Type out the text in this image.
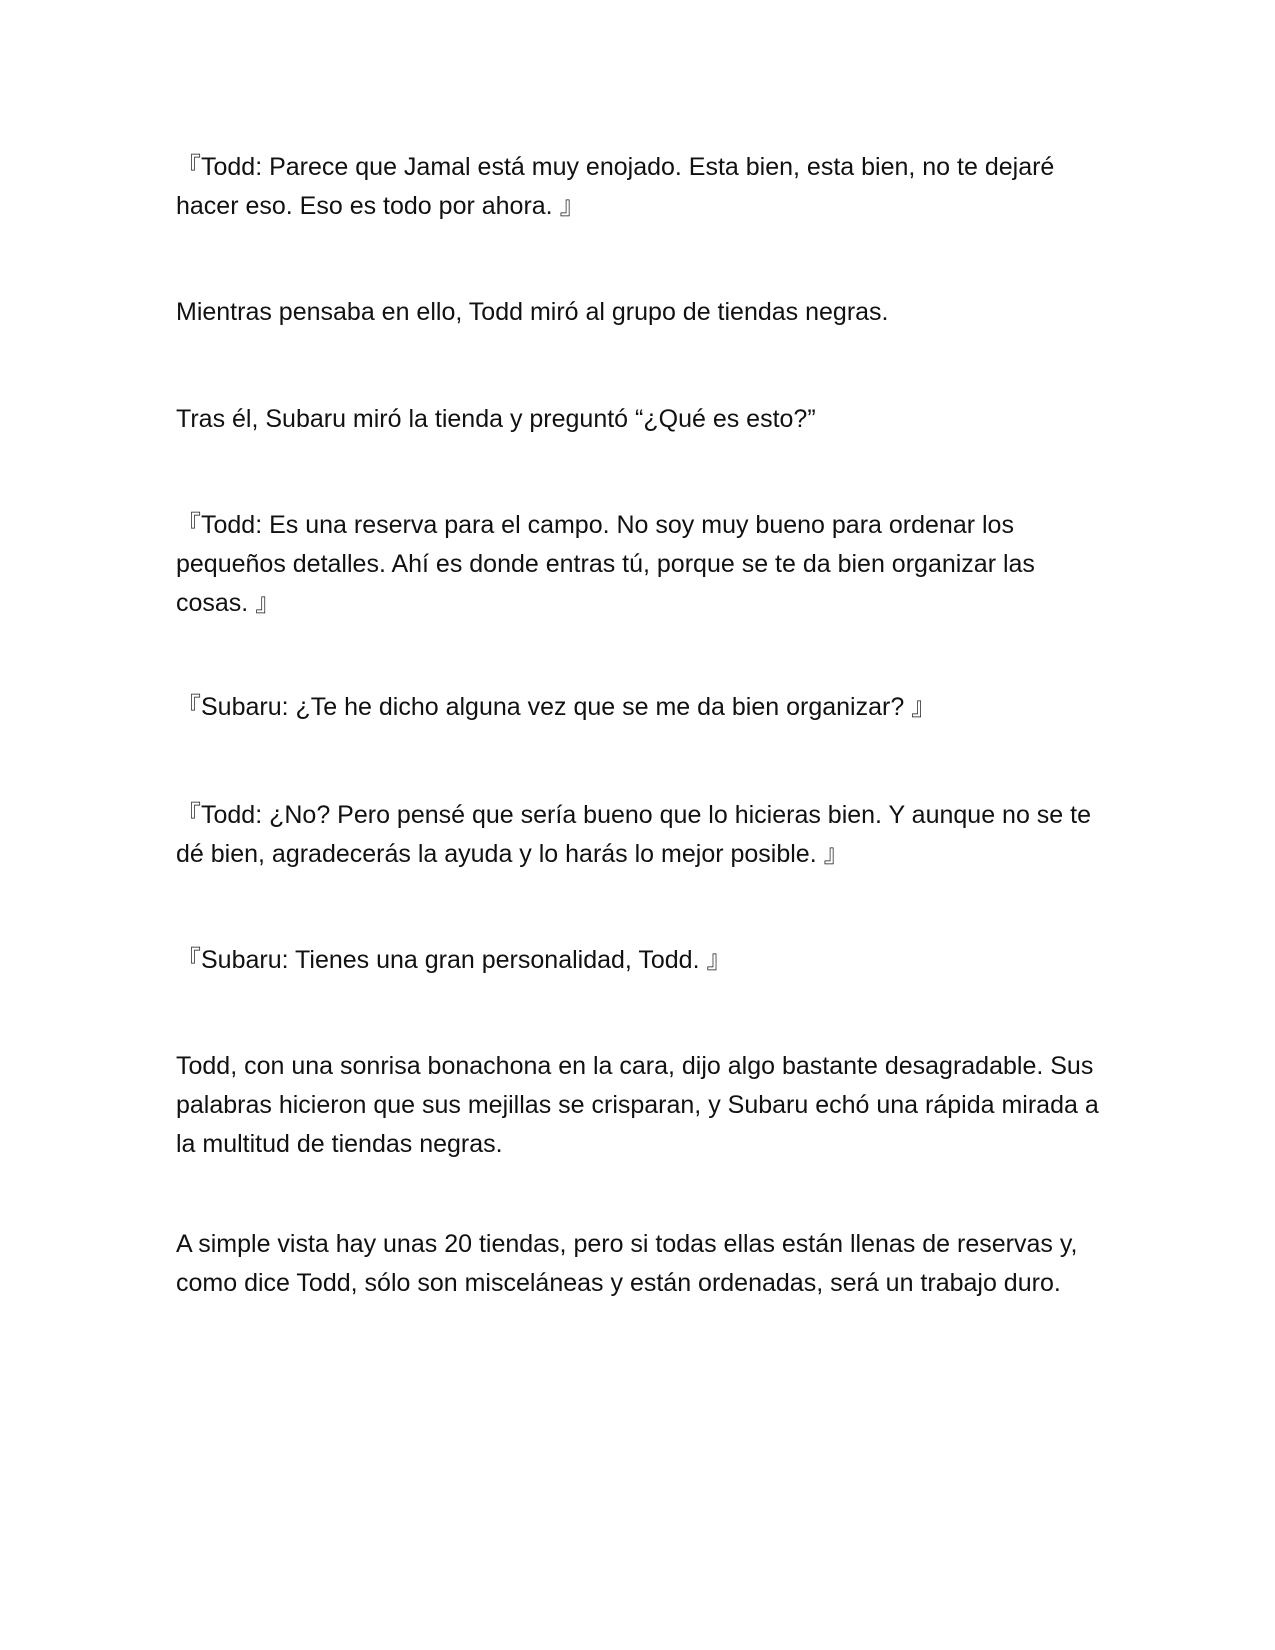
『Todd: Parece que Jamal está muy enojado. Esta bien, esta bien, no te dejaré hacer eso. Eso es todo por ahora. 』

Mientras pensaba en ello, Todd miró al grupo de tiendas negras.

Tras él, Subaru miró la tienda y preguntó “¿Qué es esto?”

『Todd: Es una reserva para el campo. No soy muy bueno para ordenar los pequeños detalles. Ahí es donde entras tú, porque se te da bien organizar las cosas. 』

『Subaru: ¿Te he dicho alguna vez que se me da bien organizar? 』

『Todd: ¿No? Pero pensé que sería bueno que lo hicieras bien. Y aunque no se te dé bien, agradecerás la ayuda y lo harás lo mejor posible. 』

『Subaru: Tienes una gran personalidad, Todd. 』

Todd, con una sonrisa bonachona en la cara, dijo algo bastante desagradable. Sus palabras hicieron que sus mejillas se crisparan, y Subaru echó una rápida mirada a la multitud de tiendas negras.

A simple vista hay unas 20 tiendas, pero si todas ellas están llenas de reservas y, como dice Todd, sólo son misceláneas y están ordenadas, será un trabajo duro.
